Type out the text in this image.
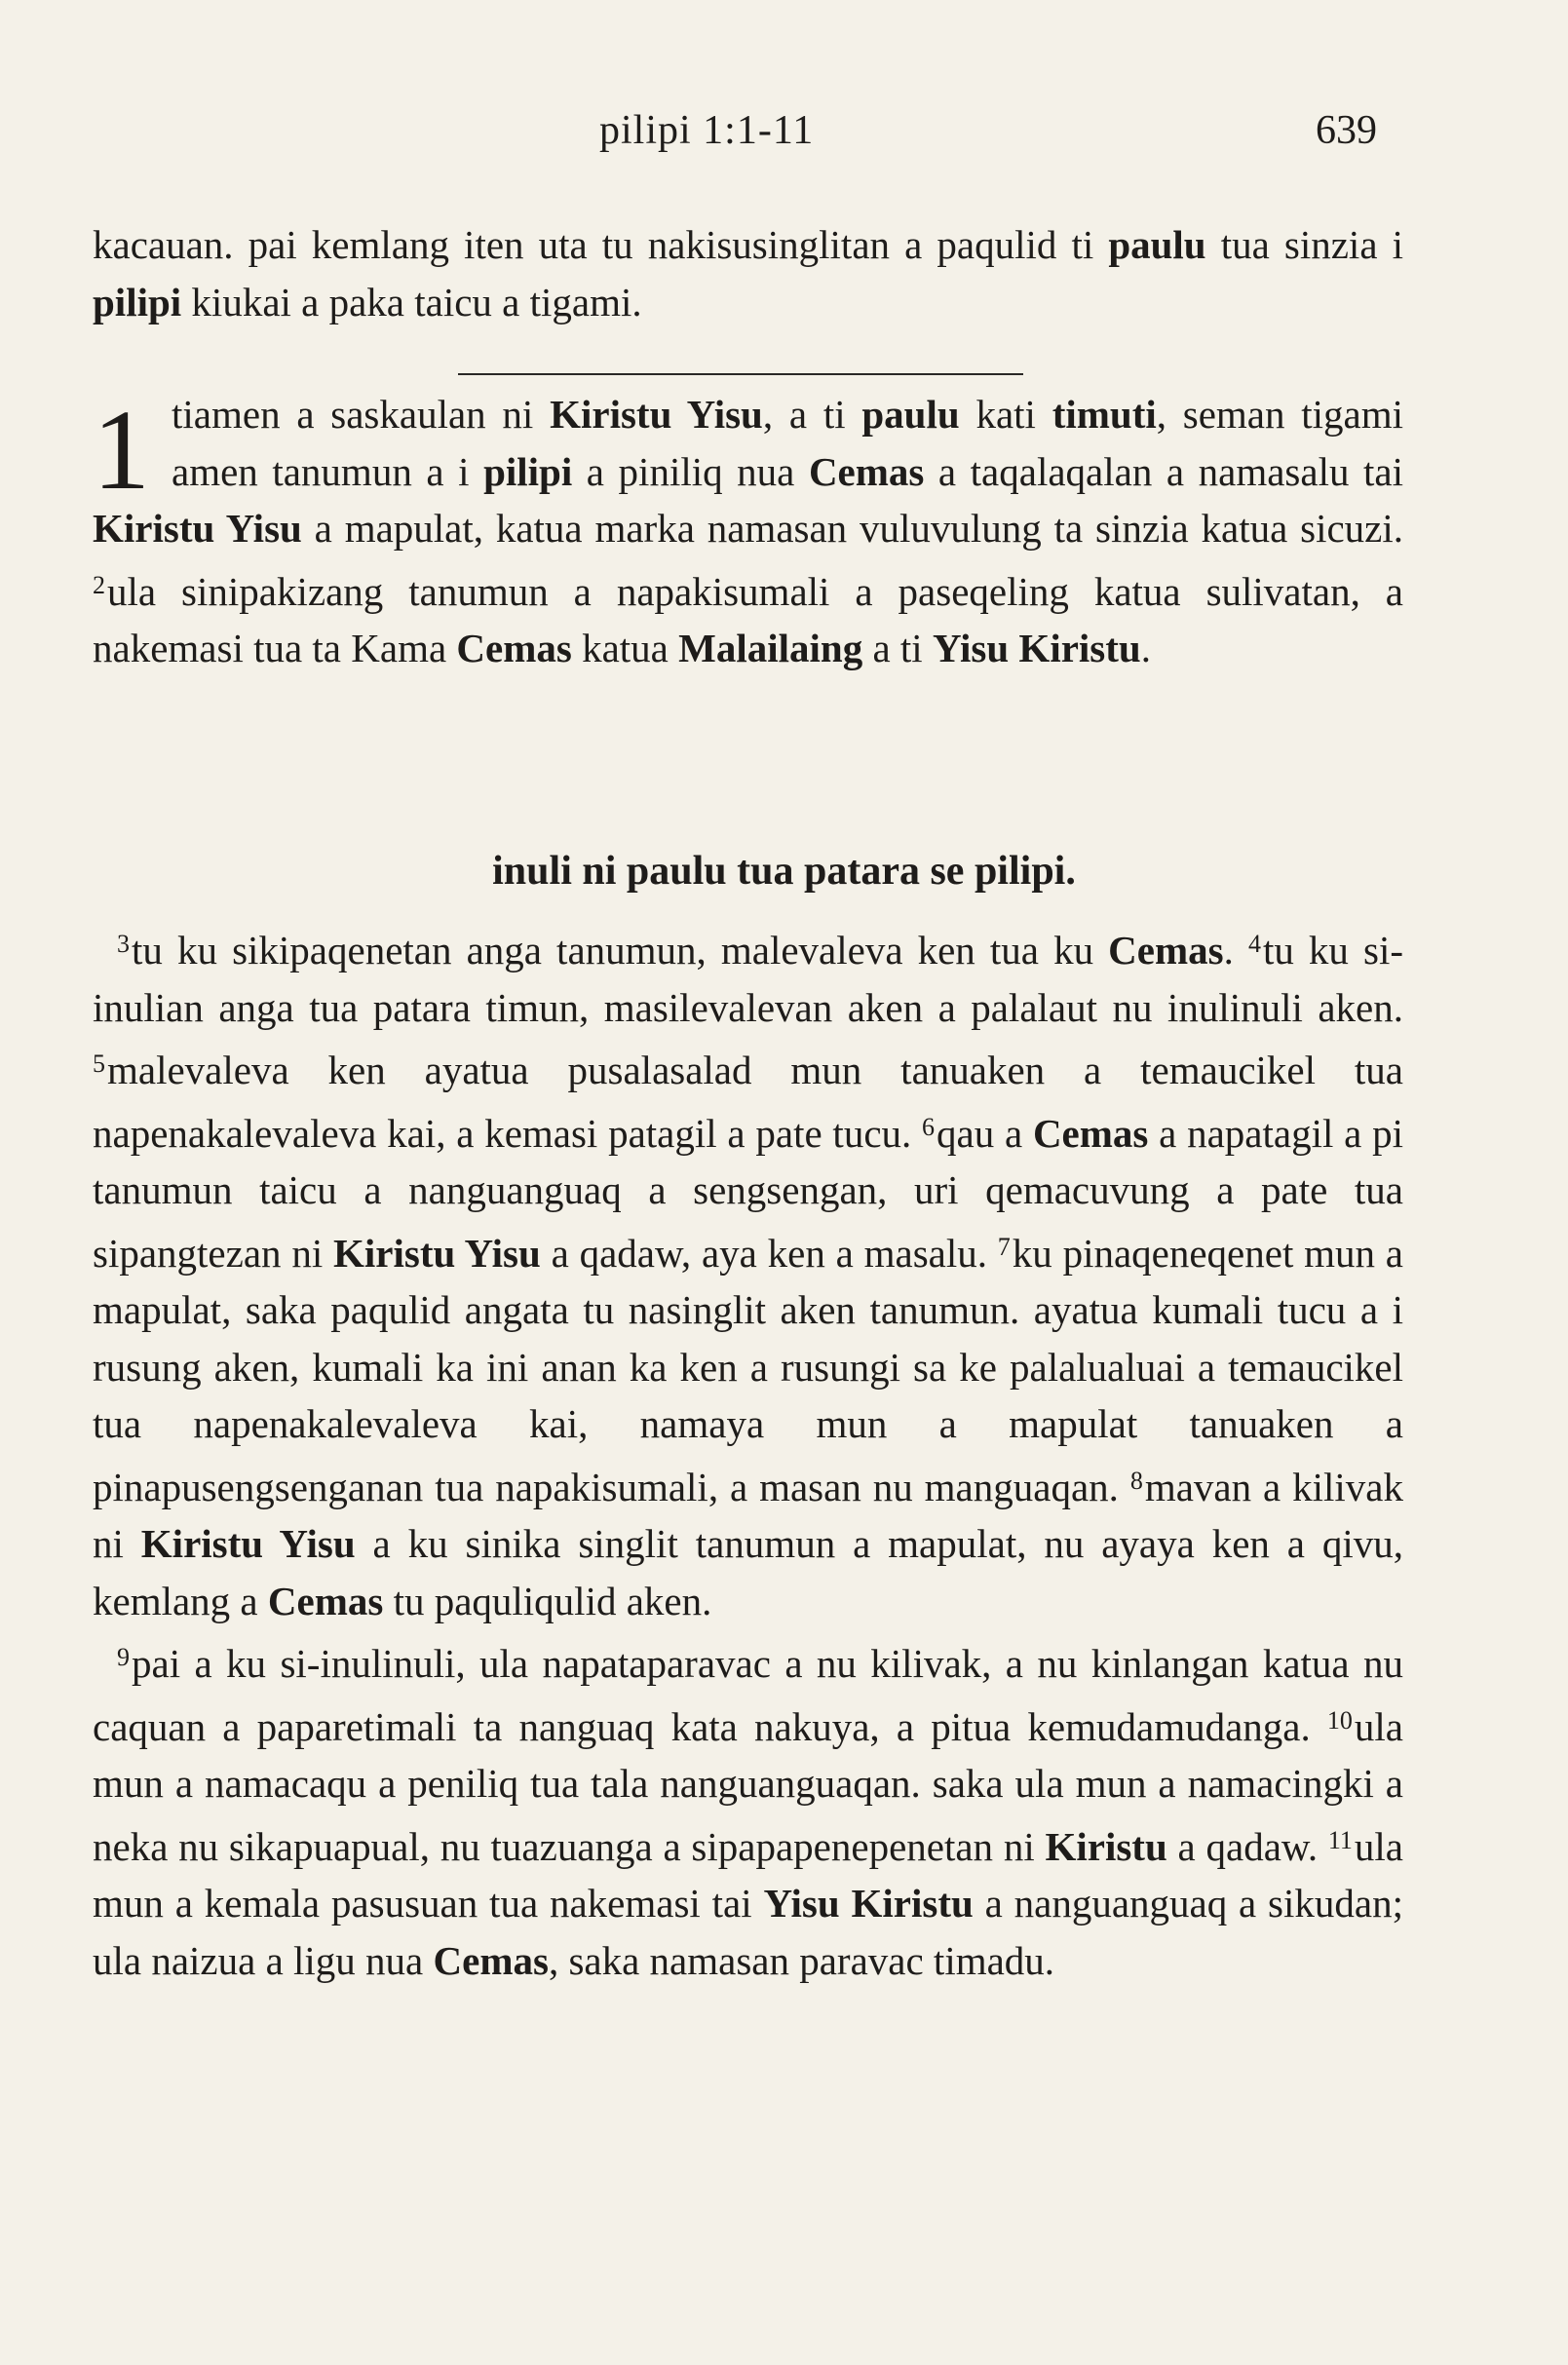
pilipi 1:1-11	639
kacauan. pai kemlang iten uta tu nakisusinglitan a paqulid ti paulu tua sinzia i pilipi kiukai a paka taicu a tigami.
1 tiamen a saskaulan ni Kiristu Yisu, a ti paulu kati timuti, seman tigami amen tanumun a i pilipi a piniliq nua Cemas a taqalaqalan a namasalu tai Kiristu Yisu a mapulat, katua marka namasan vuluvulung ta sinzia katua sicuzi. $^2$ula sinipakizang tanumun a napakisumali a paseqeling katua sulivatan, a nakemasi tua ta Kama Cemas katua Malailaing a ti Yisu Kiristu.
inuli ni paulu tua patara se pilipi.
$^3$tu ku sikipaqenetan anga tanumun, malevaleva ken tua ku Cemas. $^4$tu ku si-inulian anga tua patara timun, masilevalevan aken a palalaut nu inulinuli aken. $^5$malevaleva ken ayatua pusalasalad mun tanuaken a temaucikel tua napenakalevaleva kai, a kemasi patagil a pate tucu. $^6$qau a Cemas a napatagil a pi tanumun taicu a nanguanguaq a sengsengan, uri qemacuvung a pate tua sipangtezan ni Kiristu Yisu a qadaw, aya ken a masalu. $^7$ku pinaqeneqenet mun a mapulat, saka paqulid angata tu nasinglit aken tanumun. ayatua kumali tucu a i rusung aken, kumali ka ini anan ka ken a rusungi sa ke palalualuai a temaucikel tua napenakalevaleva kai, namaya mun a mapulat tanuaken a pinapusengsenganan tua napakisumali, a masan nu manguaqan. $^8$mavan a kilivak ni Kiristu Yisu a ku sinika singlit tanumun a mapulat, nu ayaya ken a qivu, kemlang a Cemas tu paquliqulid aken.
$^9$pai a ku si-inulinuli, ula napataparavac a nu kilivak, a nu kinlangan katua nu caquan a paparetimali ta nanguaq kata nakuya, a pitua kemudamudanga. $^{10}$ula mun a namacaqu a peniliq tua tala nanguanguaqan. saka ula mun a namacingki a neka nu sikapuapual, nu tuazuanga a sipapapenepenetan ni Kiristu a qadaw. $^{11}$ula mun a kemala pasusuan tua nakemasi tai Yisu Kiristu a nanguanguaq a sikudan; ula naizua a ligu nua Cemas, saka namasan paravac timadu.
